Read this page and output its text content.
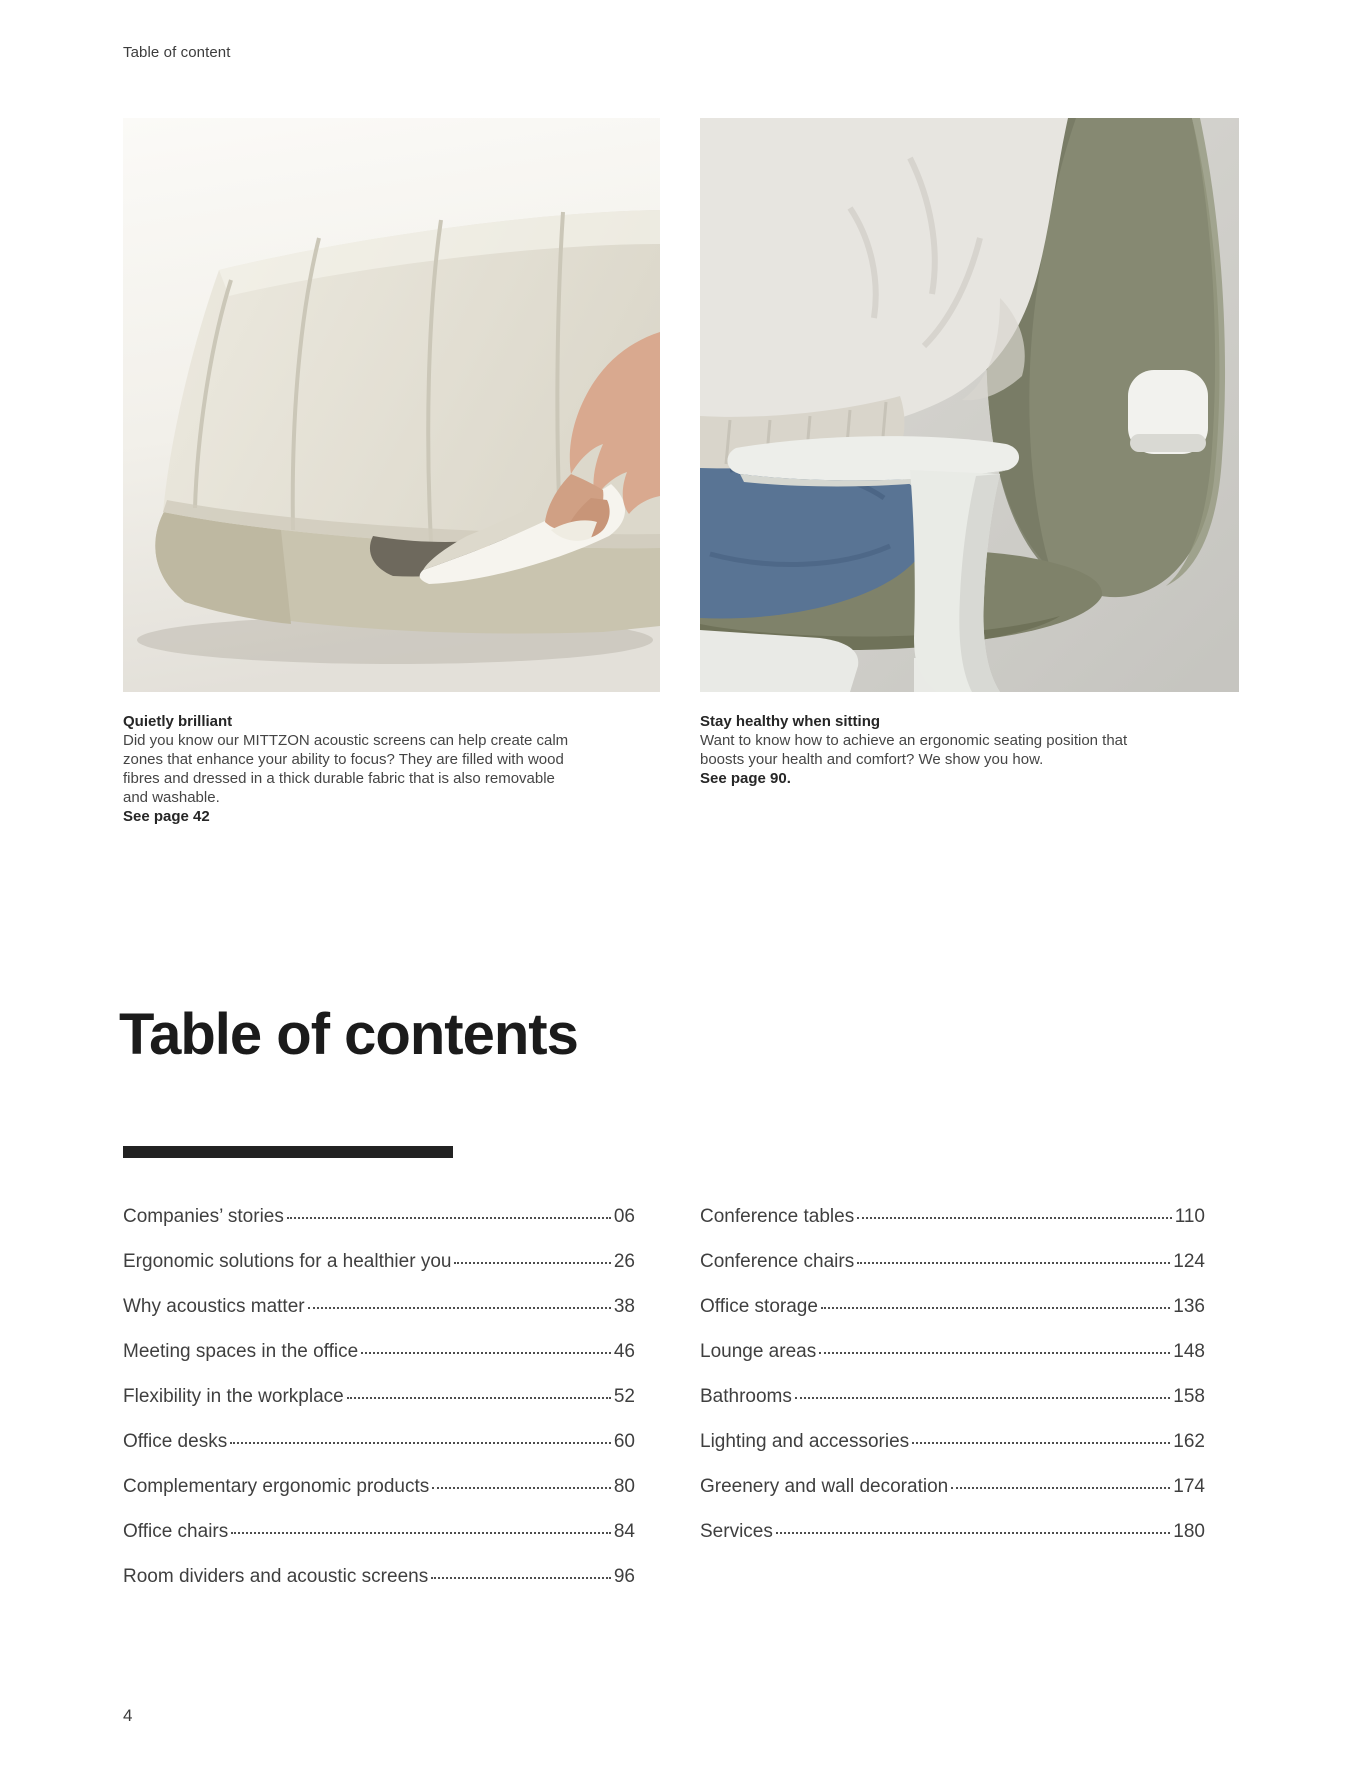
Table of content
Quietly brilliant
Did you know our MITTZON acoustic screens can help create calm zones that enhance your ability to focus? They are filled with wood fibres and dressed in a thick durable fabric that is also removable and washable.
See page 42
Stay healthy when sitting
Want to know how to achieve an ergonomic seating position that boosts your health and comfort? We show you how.
See page 90.
Table of contents
Companies’ stories	06
Ergonomic solutions for a healthier you	26
Why acoustics matter	38
Meeting spaces in the office	46
Flexibility in the workplace	52
Office desks	60
Complementary ergonomic products	80
Office chairs	84
Room dividers and acoustic screens	96
Conference tables	110
Conference chairs	124
Office storage	136
Lounge areas	148
Bathrooms	158
Lighting and accessories	162
Greenery and wall decoration	174
Services	180
4
